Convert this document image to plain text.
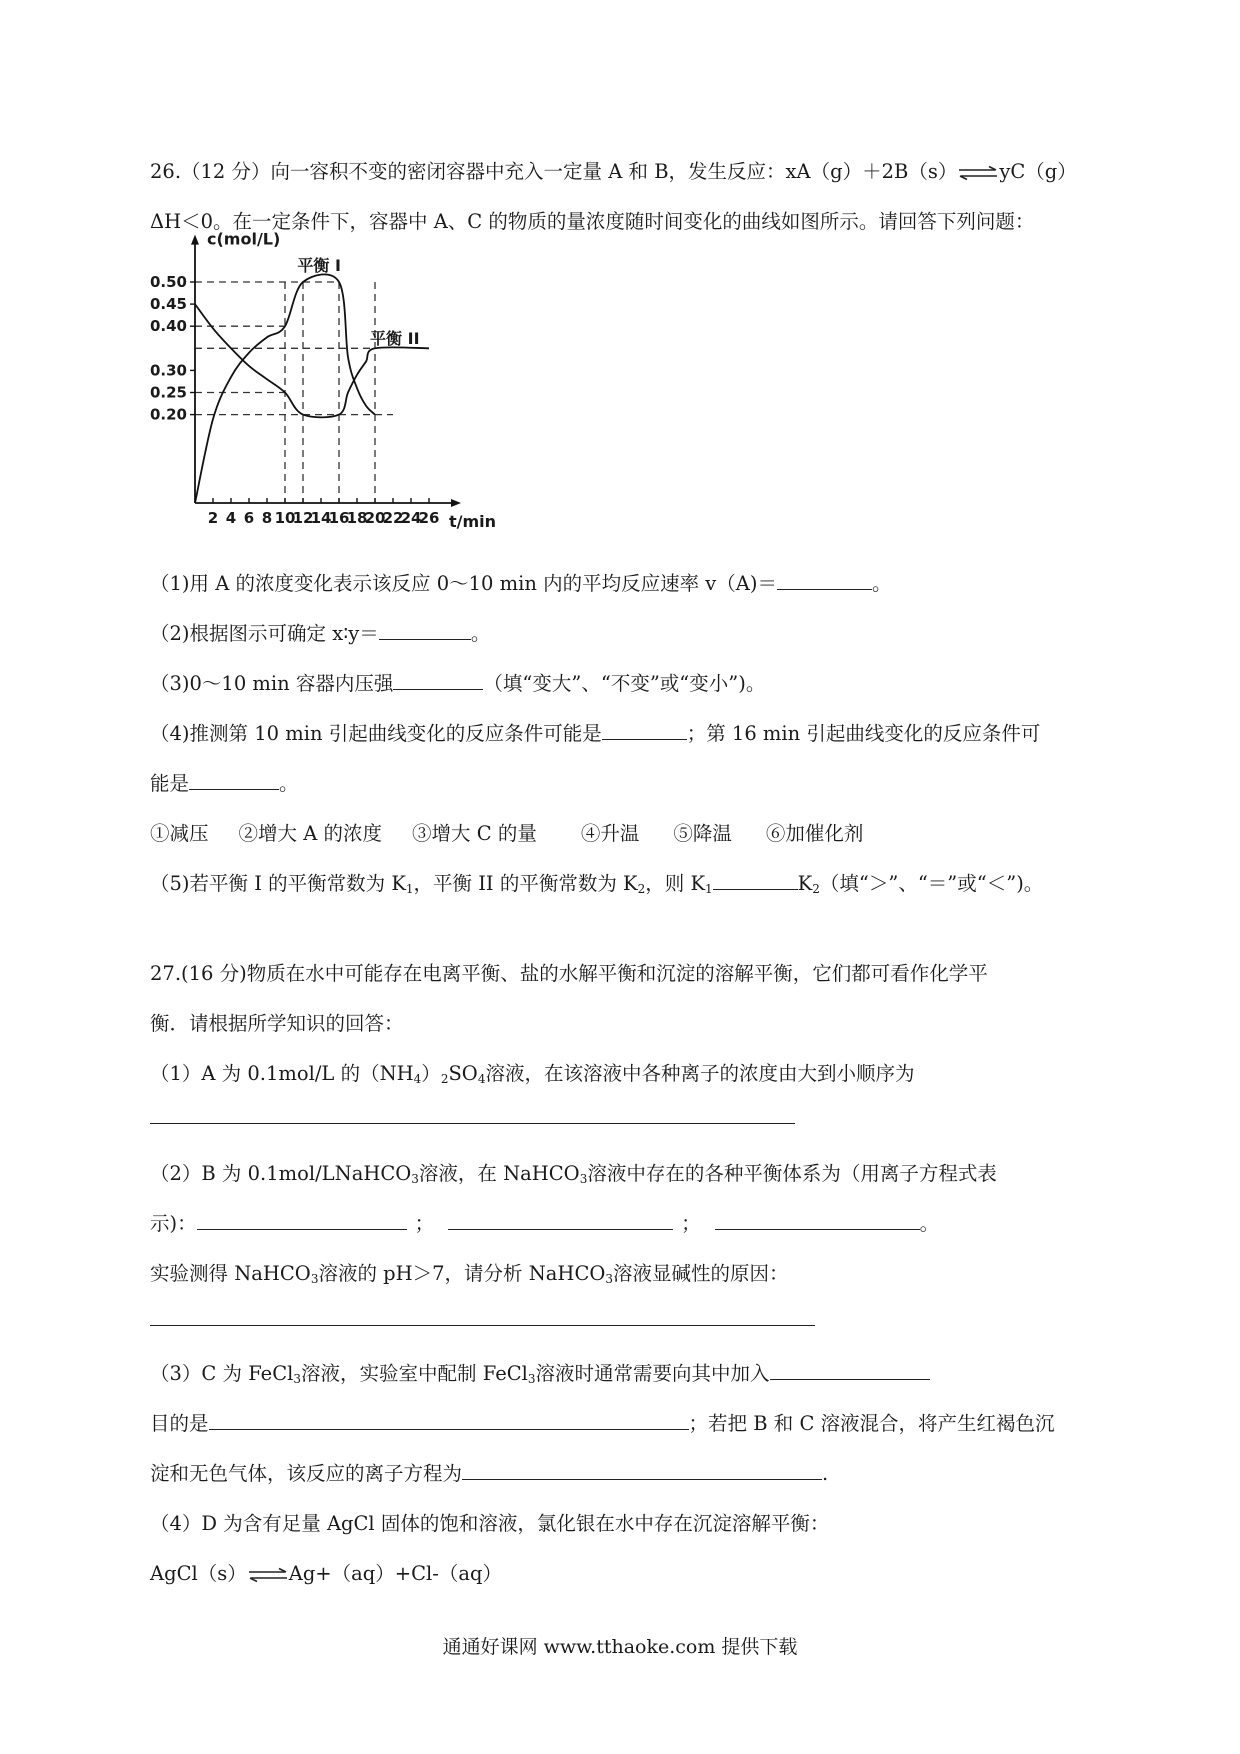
26.（12 分）向一容积不变的密闭容器中充入一定量 A 和 B，发生反应：xA（g）＋2B（s）⇌yC（g）
ΔH＜0。在一定条件下，容器中 A、C 的物质的量浓度随时间变化的曲线如图所示。请回答下列问题：
0.50
0.45
0.40
0.30
0.25
0.20
2 4 6 8 10
12
14
16
18
20
22
24
26
c(mol/L)
t/min
平衡 I
平衡 II
（1)用 A 的浓度变化表示该反应 0～10 min 内的平均反应速率 v（A)＝	。
（2)根据图示可确定 x∶y＝	。
（3)0～10 min 容器内压强	（填“变大”、“不变”或“变小”)。
（4)推测第 10 min 引起曲线变化的反应条件可能是	；第 16 min 引起曲线变化的反应条件可
能是	。
①减压 ②增大 A 的浓度 ③增大 C 的量 ④升温 ⑤降温 ⑥加催化剂
（5)若平衡 I 的平衡常数为 $K_1$，平衡 II 的平衡常数为 $K_2$，则 $K_1$	$K_2$（填“＞”、“＝”或“＜”)。
27.(16 分)物质在水中可能存在电离平衡、盐的水解平衡和沉淀的溶解平衡，它们都可看作化学平
衡．请根据所学知识的回答：
（1）A 为 0.1mol/L 的$(NH_4)_2SO_4$溶液，在该溶液中各种离子的浓度由大到小顺序为
（2）B 为 0.1mol/LNaHCO$_3$溶液，在 NaHCO$_3$溶液中存在的各种平衡体系为（用离子方程式表
示)：	；	；	。
实验测得 NaHCO$_3$溶液的 pH＞7，请分析 NaHCO$_3$溶液显碱性的原因：
（3）C 为 FeCl$_3$溶液，实验室中配制 FeCl$_3$溶液时通常需要向其中加入
目的是	；若把 B 和 C 溶液混合，将产生红褐色沉
淀和无色气体，该反应的离子方程为	.
（4）D 为含有足量 AgCl 固体的饱和溶液，氯化银在水中存在沉淀溶解平衡：
AgCl（s）⇌Ag+（aq）+Cl-（aq）
通通好课网 www.tthaoke.com 提供下载
